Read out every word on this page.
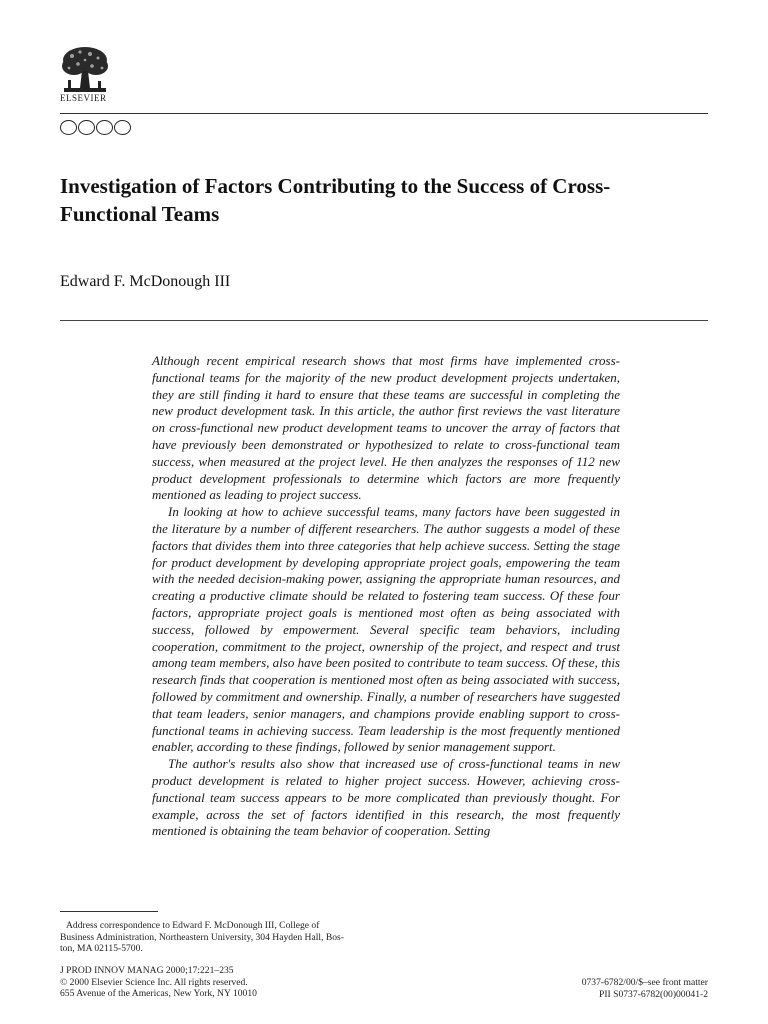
ELSEVIER
Investigation of Factors Contributing to the Success of Cross-Functional Teams
Edward F. McDonough III

Although recent empirical research shows that most firms have implemented cross-functional teams for the majority of the new product development projects undertaken, they are still finding it hard to ensure that these teams are successful in completing the new product development task. In this article, the author first reviews the vast literature on cross-functional new product development teams to uncover the array of factors that have previously been demonstrated or hypothesized to relate to cross-functional team success, when measured at the project level. He then analyzes the responses of 112 new product development professionals to determine which factors are more frequently mentioned as leading to project success.

In looking at how to achieve successful teams, many factors have been suggested in the literature by a number of different researchers. The author suggests a model of these factors that divides them into three categories that help achieve success. Setting the stage for product development by developing appropriate project goals, empowering the team with the needed decision-making power, assigning the appropriate human resources, and creating a productive climate should be related to fostering team success. Of these four factors, appropriate project goals is mentioned most often as being associated with success, followed by empowerment. Several specific team behaviors, including cooperation, commitment to the project, ownership of the project, and respect and trust among team members, also have been posited to contribute to team success. Of these, this research finds that cooperation is mentioned most often as being associated with success, followed by commitment and ownership. Finally, a number of researchers have suggested that team leaders, senior managers, and champions provide enabling support to cross-functional teams in achieving success. Team leadership is the most frequently mentioned enabler, according to these findings, followed by senior management support.

The author's results also show that increased use of cross-functional teams in new product development is related to higher project success. However, achieving cross-functional team success appears to be more complicated than previously thought. For example, across the set of factors identified in this research, the most frequently mentioned is obtaining the team behavior of cooperation. Setting

Address correspondence to Edward F. McDonough III, College of
Business Administration, Northeastern University, 304 Hayden Hall, Bos-
ton, MA 02115-5700.
J PROD INNOV MANAG 2000;17:221–235
© 2000 Elsevier Science Inc. All rights reserved.
655 Avenue of the Americas, New York, NY 10010
0737-6782/00/$–see front matter
PII S0737-6782(00)00041-2
